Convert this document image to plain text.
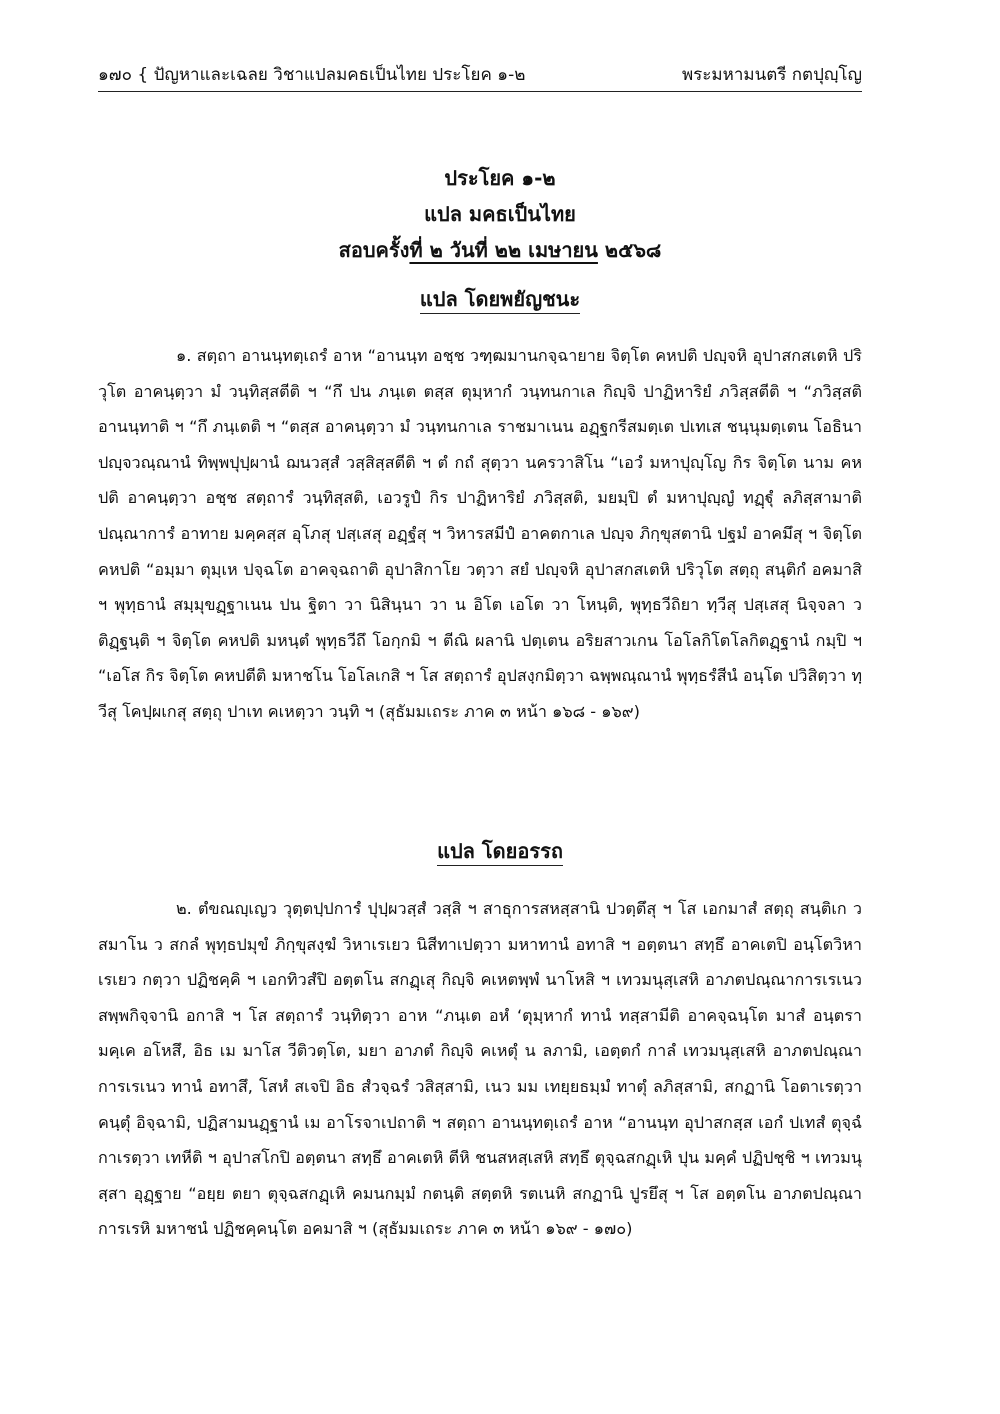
๑๗๐ { ปัญหาและเฉลย วิชาแปลมคธเป็นไทย ประโยค ๑-๒	พระมหามนตรี กตปุญฺโญ
ประโยค ๑-๒
แปล มคธเป็นไทย
สอบครั้งที่ ๒ วันที่ ๒๒ เมษายน ๒๕๖๘
แปล โดยพยัญชนะ

๑. สตฺถา อานนฺทตฺเถรํ อาห “อานนฺท อชฺช วฑฺฒมานกจฺฉายาย จิตฺโต คหปติ ปญฺจหิ อุปาสกสเตหิ ปริวุโต อาคนฺตฺวา มํ วนฺทิสฺสตีติ ฯ “กึ ปน ภนฺเต ตสฺส ตุมฺหากํ วนฺทนกาเล กิญฺจิ ปาฏิหาริยํ ภวิสฺสตีติ ฯ “ภวิสฺสติ อานนฺทาติ ฯ “กึ ภนฺเตติ ฯ “ตสฺส อาคนฺตฺวา มํ วนฺทนกาเล ราชมาเนน อฏฺฐกรีสมตฺเต ปเทเส ชนฺนุมตฺเตน โอธินา ปญฺจวณฺณานํ ทิพฺพปุปฺผานํ ฌนวสฺสํ วสฺสิสฺสตีติ ฯ ตํ กถํ สุตฺวา นครวาสิโน “เอวํ มหาปุญฺโญ กิร จิตฺโต นาม คหปติ อาคนฺตฺวา อชฺช สตฺถารํ วนฺทิสฺสติ, เอวรูปํ กิร ปาฏิหาริยํ ภวิสฺสติ, มยมฺปิ ตํ มหาปุญฺญํ ทฏฺฐุํ ลภิสฺสามาติ ปณฺณาการํ อาทาย มคฺคสฺส อุโภสุ ปสฺเสสุ อฏฺฐํสุ ฯ วิหารสมีปํ อาคตกาเล ปญฺจ ภิกฺขุสตานิ ปฐมํ อาคมึสุ ฯ จิตฺโต คหปติ “อมฺมา ตุมฺเห ปจฺฉโต อาคจฺฉถาติ อุปาสิกาโย วตฺวา สยํ ปญฺจหิ อุปาสกสเตหิ ปริวุโต สตฺถุ สนฺติกํ อคมาสิ ฯ พุทฺธานํ สมฺมุขฏฺฐาเนน ปน ฐิตา วา นิสินฺนา วา น อิโต เอโต วา โหนฺติ, พุทฺธวีถิยา ทฺวีสุ ปสฺเสสุ นิจฺจลา ว ติฏฺฐนฺติ ฯ จิตฺโต คหปติ มหนฺตํ พุทฺธวีถึ โอกฺกมิ ฯ ตีณิ ผลานิ ปตฺเตน อริยสาวเกน โอโลกิโตโลกิตฏฺฐานํ กมฺปิ ฯ “เอโส กิร จิตฺโต คหปตีติ มหาชโน โอโลเกสิ ฯ โส สตฺถารํ อุปสงฺกมิตฺวา ฉพฺพณฺณานํ พุทฺธรํสีนํ อนฺโต ปวิสิตฺวา ทฺวีสุ โคปฺผเกสุ สตฺถุ ปาเท คเหตฺวา วนฺทิ ฯ (สุธัมมเถระ ภาค ๓ หน้า ๑๖๘ - ๑๖๙)

แปล โดยอรรถ

๒. ตํขณญฺเญว วุตฺตปฺปการํ ปุปฺผวสฺสํ วสฺสิ ฯ สาธุการสหสฺสานิ ปวตฺตึสุ ฯ โส เอกมาสํ สตฺถุ สนฺติเก วสมาโน ว สกลํ พุทฺธปมุขํ ภิกฺขุสงฺฆํ วิหาเรเยว นิสีทาเปตฺวา มหาทานํ อทาสิ ฯ อตฺตนา สทฺธึ อาคเตปิ อนฺโตวิหาเรเยว กตฺวา ปฏิชคฺคิ ฯ เอกทิวสํปิ อตฺตโน สกฏฺเสุ กิญฺจิ คเหตพฺพํ นาโหสิ ฯ เทวมนุสฺเสหิ อาภตปณฺณาการเรเนว สพฺพกิจฺจานิ อกาสิ ฯ โส สตฺถารํ วนฺทิตฺวา อาห “ภนฺเต อหํ ‘ตุมฺหากํ ทานํ ทสฺสามีติ อาคจฺฉนฺโต มาสํ อนฺตรามคฺเค อโหสึ, อิธ เม มาโส วีติวตฺโต, มยา อาภตํ กิญฺจิ คเหตุํ น ลภามิ, เอตฺตกํ กาลํ เทวมนุสฺเสหิ อาภตปณฺณาการเรเนว ทานํ อทาสึ, โสหํ สเจปิ อิธ สํวจฺฉรํ วสิสฺสามิ, เนว มม เทยฺยธมฺมํ ทาตุํ ลภิสฺสามิ, สกฏานิ โอตาเรตฺวา คนฺตุํ อิจฺฉามิ, ปฏิสามนฏฺฐานํ เม อาโรจาเปถาติ ฯ สตฺถา อานนฺทตฺเถรํ อาห “อานนฺท อุปาสกสฺส เอกํ ปเทสํ ตุจฺฉํ กาเรตฺวา เทหีติ ฯ อุปาสโกปิ อตฺตนา สทฺธึ อาคเตหิ ตีหิ ชนสหสฺเสหิ สทฺธึ ตุจฺฉสกฏฺเหิ ปุน มคฺคํ ปฏิปชฺชิ ฯ เทวมนุสฺสา อุฏฺฐาย “อยฺย ตยา ตุจฺฉสกฏฺเหิ คมนกมฺมํ กตนฺติ สตฺตหิ รตเนหิ สกฏานิ ปูรยึสุ ฯ โส อตฺตโน อาภตปณฺณาการเรหิ มหาชนํ ปฏิชคฺคนฺโต อคมาสิ ฯ (สุธัมมเถระ ภาค ๓ หน้า ๑๖๙ - ๑๗๐)
